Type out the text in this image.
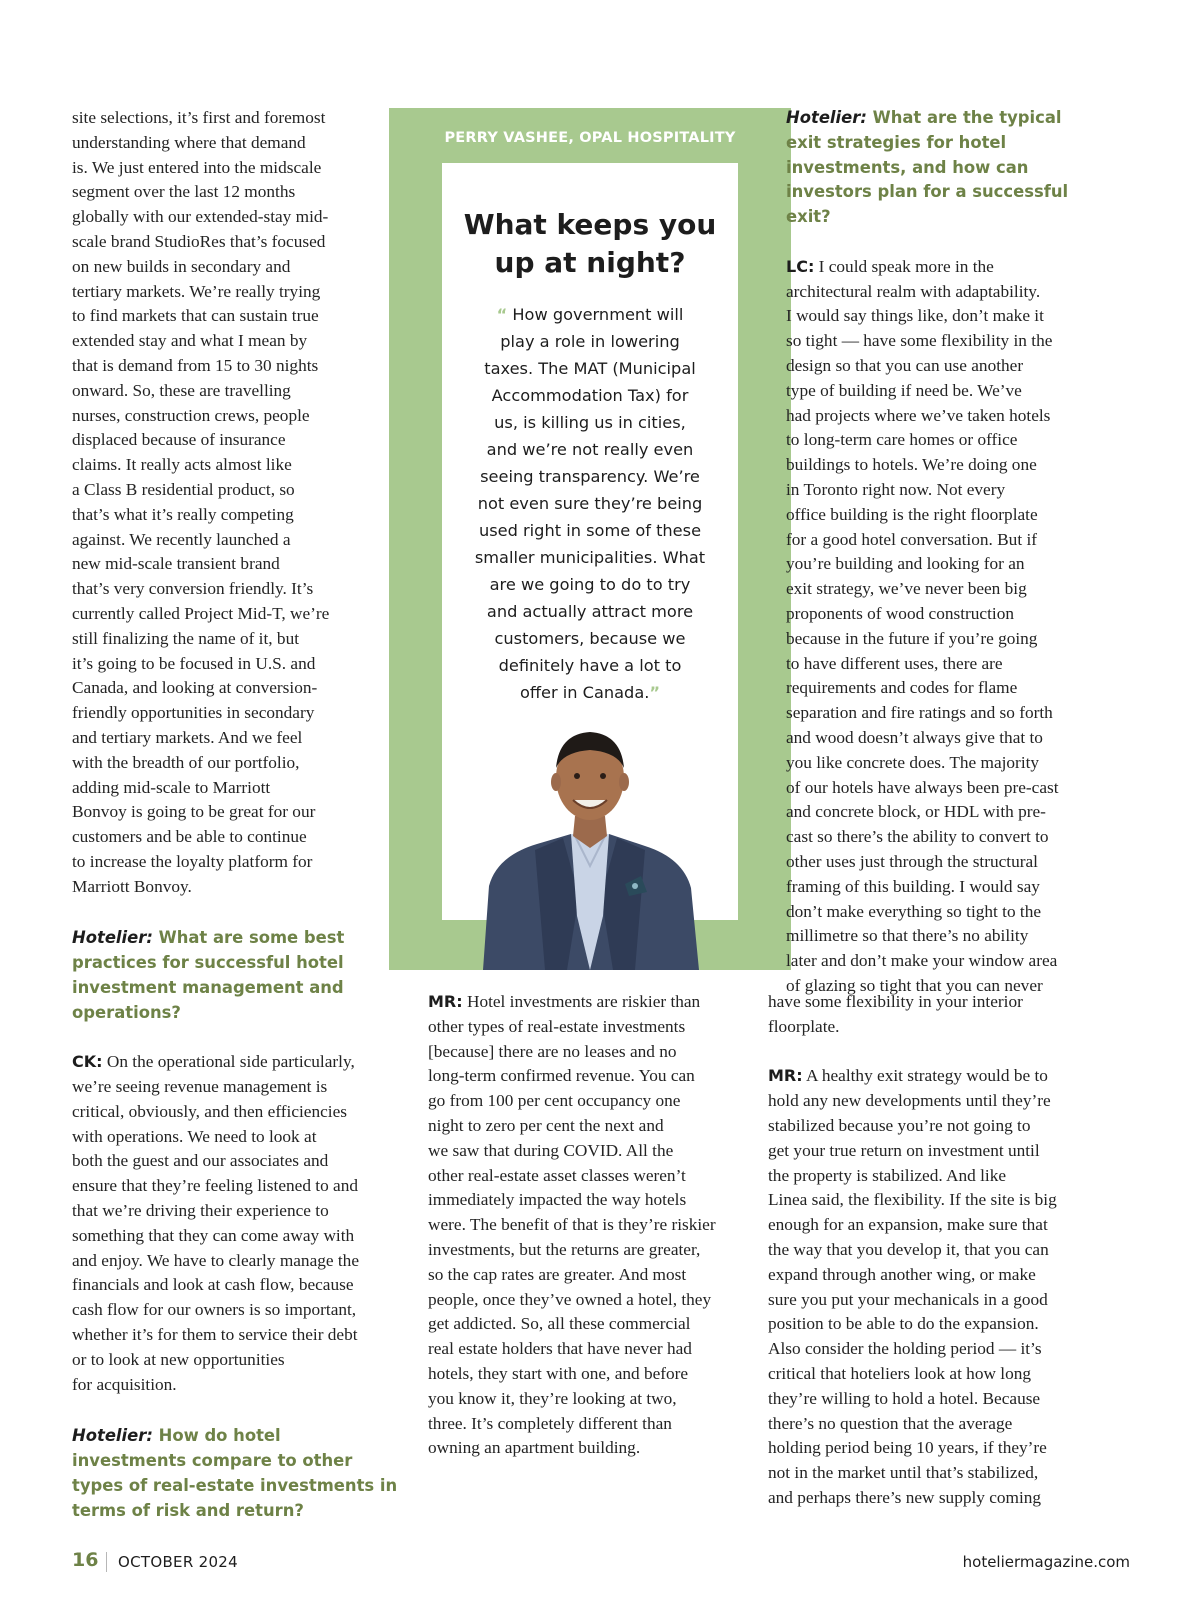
site selections, it’s first and foremost

understanding where that demand

is. We just entered into the midscale

segment over the last 12 months

globally with our extended-stay mid-

scale brand StudioRes that’s focused

on new builds in secondary and

tertiary markets. We’re really trying

to find markets that can sustain true

extended stay and what I mean by

that is demand from 15 to 30 nights

onward. So, these are travelling

nurses, construction crews, people

displaced because of insurance

claims. It really acts almost like

a Class B residential product, so

that’s what it’s really competing

against. We recently launched a

new mid-scale transient brand

that’s very conversion friendly. It’s

currently called Project Mid-T, we’re

still finalizing the name of it, but

it’s going to be focused in U.S. and

Canada, and looking at conversion-

friendly opportunities in secondary

and tertiary markets. And we feel

with the breadth of our portfolio,

adding mid-scale to Marriott

Bonvoy is going to be great for our

customers and be able to continue

to increase the loyalty platform for

Marriott Bonvoy.

Hotelier: What are some best

practices for successful hotel

investment management and

operations?

CK: On the operational side particularly,

we’re seeing revenue management is

critical, obviously, and then efficiencies

with operations. We need to look at

both the guest and our associates and

ensure that they’re feeling listened to and

that we’re driving their experience to

something that they can come away with

and enjoy. We have to clearly manage the

financials and look at cash flow, because

cash flow for our owners is so important,

whether it’s for them to service their debt

or to look at new opportunities

for acquisition.

Hotelier: How do hotel

investments compare to other

types of real-estate investments in

terms of risk and return?

PERRY VASHEE, OPAL HOSPITALITY
What keeps you
up at night?
“ How government will
play a role in lowering
taxes. The MAT (Municipal
Accommodation Tax) for
us, is killing us in cities,
and we’re not really even
seeing transparency. We’re
not even sure they’re being
used right in some of these
smaller municipalities. What
are we going to do to try
and actually attract more
customers, because we
definitely have a lot to
offer in Canada.”

MR: Hotel investments are riskier than

other types of real-estate investments

[because] there are no leases and no

long-term confirmed revenue. You can

go from 100 per cent occupancy one

night to zero per cent the next and

we saw that during COVID. All the

other real-estate asset classes weren’t

immediately impacted the way hotels

were. The benefit of that is they’re riskier

investments, but the returns are greater,

so the cap rates are greater. And most

people, once they’ve owned a hotel, they

get addicted. So, all these commercial

real estate holders that have never had

hotels, they start with one, and before

you know it, they’re looking at two,

three. It’s completely different than

owning an apartment building.

Hotelier: What are the typical

exit strategies for hotel

investments, and how can

investors plan for a successful

exit?

LC: I could speak more in the

architectural realm with adaptability.

I would say things like, don’t make it

so tight — have some flexibility in the

design so that you can use another

type of building if need be. We’ve

had projects where we’ve taken hotels

to long-term care homes or office

buildings to hotels. We’re doing one

in Toronto right now. Not every

office building is the right floorplate

for a good hotel conversation. But if

you’re building and looking for an

exit strategy, we’ve never been big

proponents of wood construction

because in the future if you’re going

to have different uses, there are

requirements and codes for flame

separation and fire ratings and so forth

and wood doesn’t always give that to

you like concrete does. The majority

of our hotels have always been pre-cast

and concrete block, or HDL with pre-

cast so there’s the ability to convert to

other uses just through the structural

framing of this building. I would say

don’t make everything so tight to the

millimetre so that there’s no ability

later and don’t make your window area

of glazing so tight that you can never

have some flexibility in your interior

floorplate.

MR: A healthy exit strategy would be to

hold any new developments until they’re

stabilized because you’re not going to

get your true return on investment until

the property is stabilized. And like

Linea said, the flexibility. If the site is big

enough for an expansion, make sure that

the way that you develop it, that you can

expand through another wing, or make

sure you put your mechanicals in a good

position to be able to do the expansion.

Also consider the holding period — it’s

critical that hoteliers look at how long

they’re willing to hold a hotel. Because

there’s no question that the average

holding period being 10 years, if they’re

not in the market until that’s stabilized,

and perhaps there’s new supply coming

16 OCTOBER 2024	hoteliermagazine.com
